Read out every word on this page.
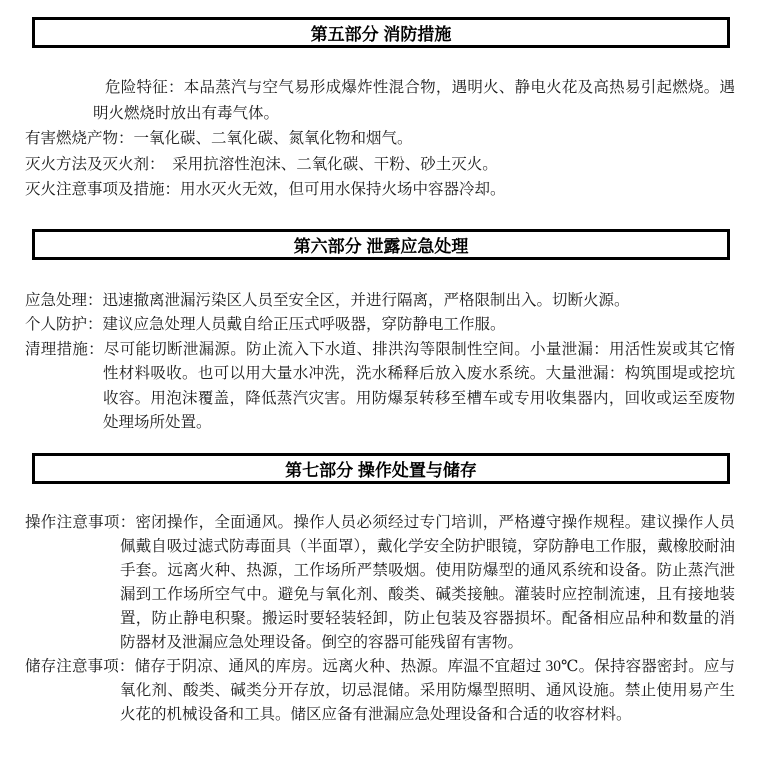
第五部分 消防措施

危险特征：本品蒸汽与空气易形成爆炸性混合物，遇明火、静电火花及高热易引起燃烧。遇明火燃烧时放出有毒气体。

有害燃烧产物：一氧化碳、二氧化碳、氮氧化物和烟气。

灭火方法及灭火剂：　采用抗溶性泡沫、二氧化碳、干粉、砂土灭火。

灭火注意事项及措施：用水灭火无效，但可用水保持火场中容器冷却。

第六部分 泄露应急处理

应急处理：迅速撤离泄漏污染区人员至安全区，并进行隔离，严格限制出入。切断火源。

个人防护：建议应急处理人员戴自给正压式呼吸器，穿防静电工作服。

清理措施：尽可能切断泄漏源。防止流入下水道、排洪沟等限制性空间。小量泄漏：用活性炭或其它惰性材料吸收。也可以用大量水冲洗，洗水稀释后放入废水系统。大量泄漏：构筑围堤或挖坑收容。用泡沫覆盖，降低蒸汽灾害。用防爆泵转移至槽车或专用收集器内，回收或运至废物处理场所处置。

第七部分 操作处置与储存

操作注意事项：密闭操作，全面通风。操作人员必须经过专门培训，严格遵守操作规程。建议操作人员佩戴自吸过滤式防毒面具（半面罩），戴化学安全防护眼镜，穿防静电工作服，戴橡胶耐油手套。远离火种、热源，工作场所严禁吸烟。使用防爆型的通风系统和设备。防止蒸汽泄漏到工作场所空气中。避免与氧化剂、酸类、碱类接触。灌装时应控制流速，且有接地装置，防止静电积聚。搬运时要轻装轻卸，防止包装及容器损坏。配备相应品种和数量的消防器材及泄漏应急处理设备。倒空的容器可能残留有害物。

储存注意事项：储存于阴凉、通风的库房。远离火种、热源。库温不宜超过 30℃。保持容器密封。应与氧化剂、酸类、碱类分开存放，切忌混储。采用防爆型照明、通风设施。禁止使用易产生火花的机械设备和工具。储区应备有泄漏应急处理设备和合适的收容材料。
